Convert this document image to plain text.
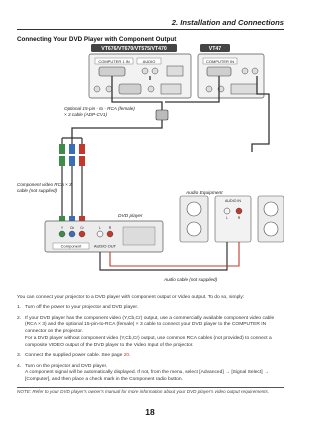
2. Installation and Connections
Connecting Your DVD Player with Component Output
VT676/VT670/VT575/VT470	VT47
COMPUTER 1 IN	AUDIO	COMPUTER IN
Optional 15-pin - to - RCA (female)
× 3 cable (ADP-CV1)
Component video RCA × 3
cable (not supplied)
DVD player
Component	AUDIO OUT
Y Cb Cr	L R
Audio Equipment
AUDIO IN
L	R
Audio cable (not supplied)

You can connect your projector to a DVD player with component output or Video output. To do so, simply:

1. Turn off the power to your projector and DVD player.

2. If your DVD player has the component video (Y,Cb,Cr) output, use a commercially available component video cable (RCA × 3) and the optional 15-pin-to-RCA (female) × 3 cable to connect your DVD player to the COMPUTER IN connector on the projector.

For a DVD player without component video (Y,Cb,Cr) output, use common RCA cables (not provided) to connect a composite VIDEO output of the DVD player to the Video Input of the projector.

3. Connect the supplied power cable. See page 20.

4. Turn on the projector and DVD player.

A component signal will be automatically displayed. If not, from the menu, select [Advanced] → [Signal Select] → [Computer], and then place a check mark in the Component radio button.

NOTE: Refer to your DVD player's owner's manual for more information about your DVD player's video output requirements.
18
